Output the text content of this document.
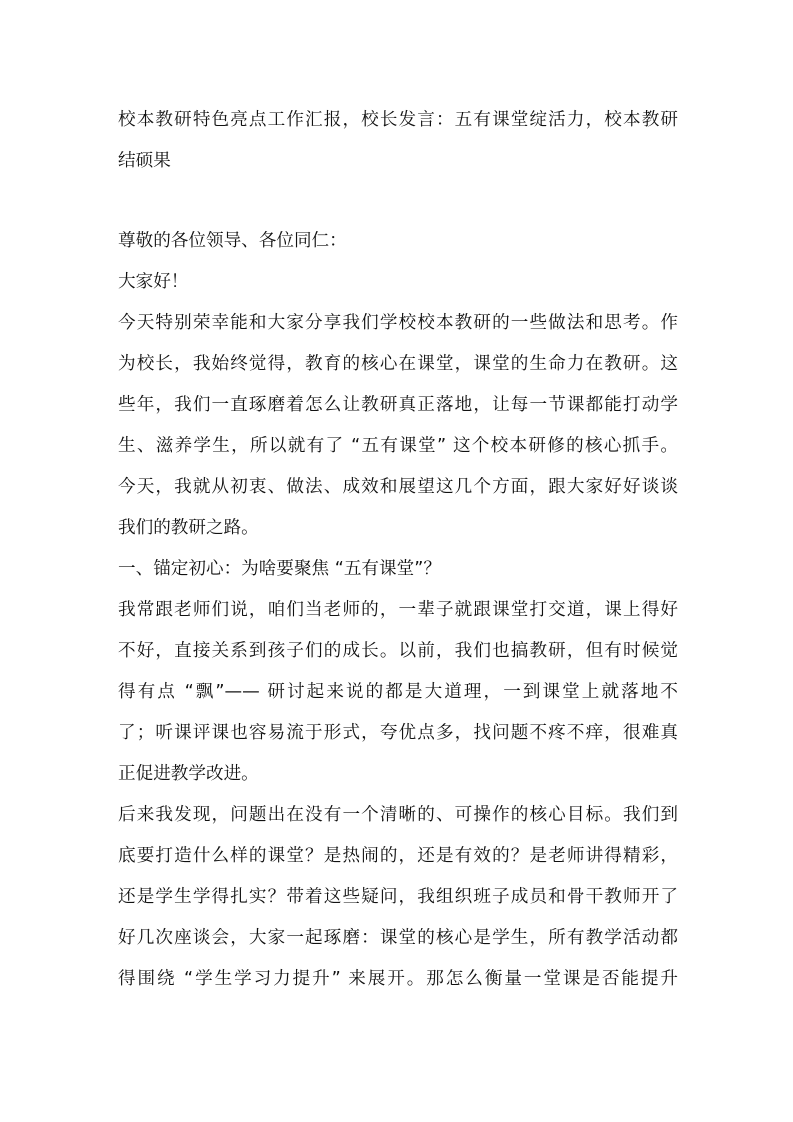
校本教研特色亮点工作汇报，校长发言：五有课堂绽活力，校本教研
结硕果
尊敬的各位领导、各位同仁：
大家好！
今天特别荣幸能和大家分享我们学校校本教研的一些做法和思考。作
为校长，我始终觉得，教育的核心在课堂，课堂的生命力在教研。这
些年，我们一直琢磨着怎么让教研真正落地，让每一节课都能打动学
生、滋养学生，所以就有了 “五有课堂” 这个校本研修的核心抓手。
今天，我就从初衷、做法、成效和展望这几个方面，跟大家好好谈谈
我们的教研之路。
一、锚定初心：为啥要聚焦 “五有课堂”？
我常跟老师们说，咱们当老师的，一辈子就跟课堂打交道，课上得好
不好，直接关系到孩子们的成长。以前，我们也搞教研，但有时候觉
得有点 “飘”—— 研讨起来说的都是大道理，一到课堂上就落地不
了；听课评课也容易流于形式，夸优点多，找问题不疼不痒，很难真
正促进教学改进。
后来我发现，问题出在没有一个清晰的、可操作的核心目标。我们到
底要打造什么样的课堂？是热闹的，还是有效的？是老师讲得精彩，
还是学生学得扎实？带着这些疑问，我组织班子成员和骨干教师开了
好几次座谈会，大家一起琢磨：课堂的核心是学生，所有教学活动都
得围绕 “学生学习力提升” 来展开。那怎么衡量一堂课是否能提升
